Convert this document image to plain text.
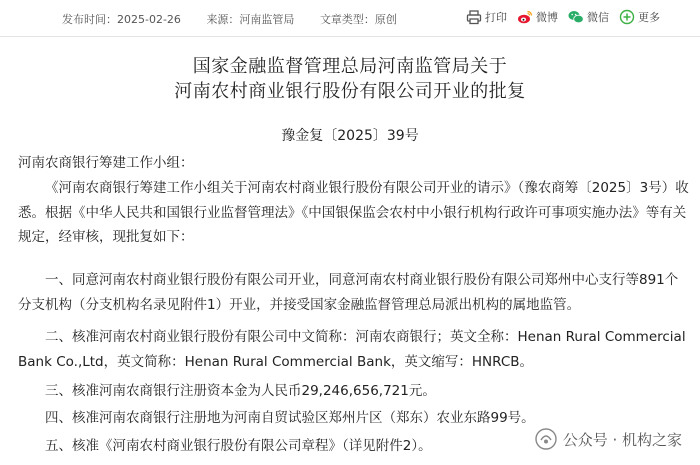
发布时间：2025-02-26 来源：河南监管局 文章类型：原创	打印	微博	微信	更多
国家金融监督管理总局河南监管局关于
河南农村商业银行股份有限公司开业的批复
豫金复〔2025〕39号
河南农商银行筹建工作小组：
《河南农商银行筹建工作小组关于河南农村商业银行股份有限公司开业的请示》（豫农商筹〔2025〕3号）收悉。根据《中华人民共和国银行业监督管理法》《中国银保监会农村中小银行机构行政许可事项实施办法》等有关规定，经审核，现批复如下：
一、同意河南农村商业银行股份有限公司开业，同意河南农村商业银行股份有限公司郑州中心支行等891个分支机构（分支机构名录见附件1）开业，并接受国家金融监督管理总局派出机构的属地监管。
二、核准河南农村商业银行股份有限公司中文简称：河南农商银行；英文全称：Henan Rural Commercial Bank Co.,Ltd，英文简称：Henan Rural Commercial Bank，英文缩写：HNRCB。
三、核准河南农商银行注册资本金为人民币29,246,656,721元。
四、核准河南农商银行注册地为河南自贸试验区郑州片区（郑东）农业东路99号。
五、核准《河南农村商业银行股份有限公司章程》（详见附件2）。	公众号 · 机构之家
